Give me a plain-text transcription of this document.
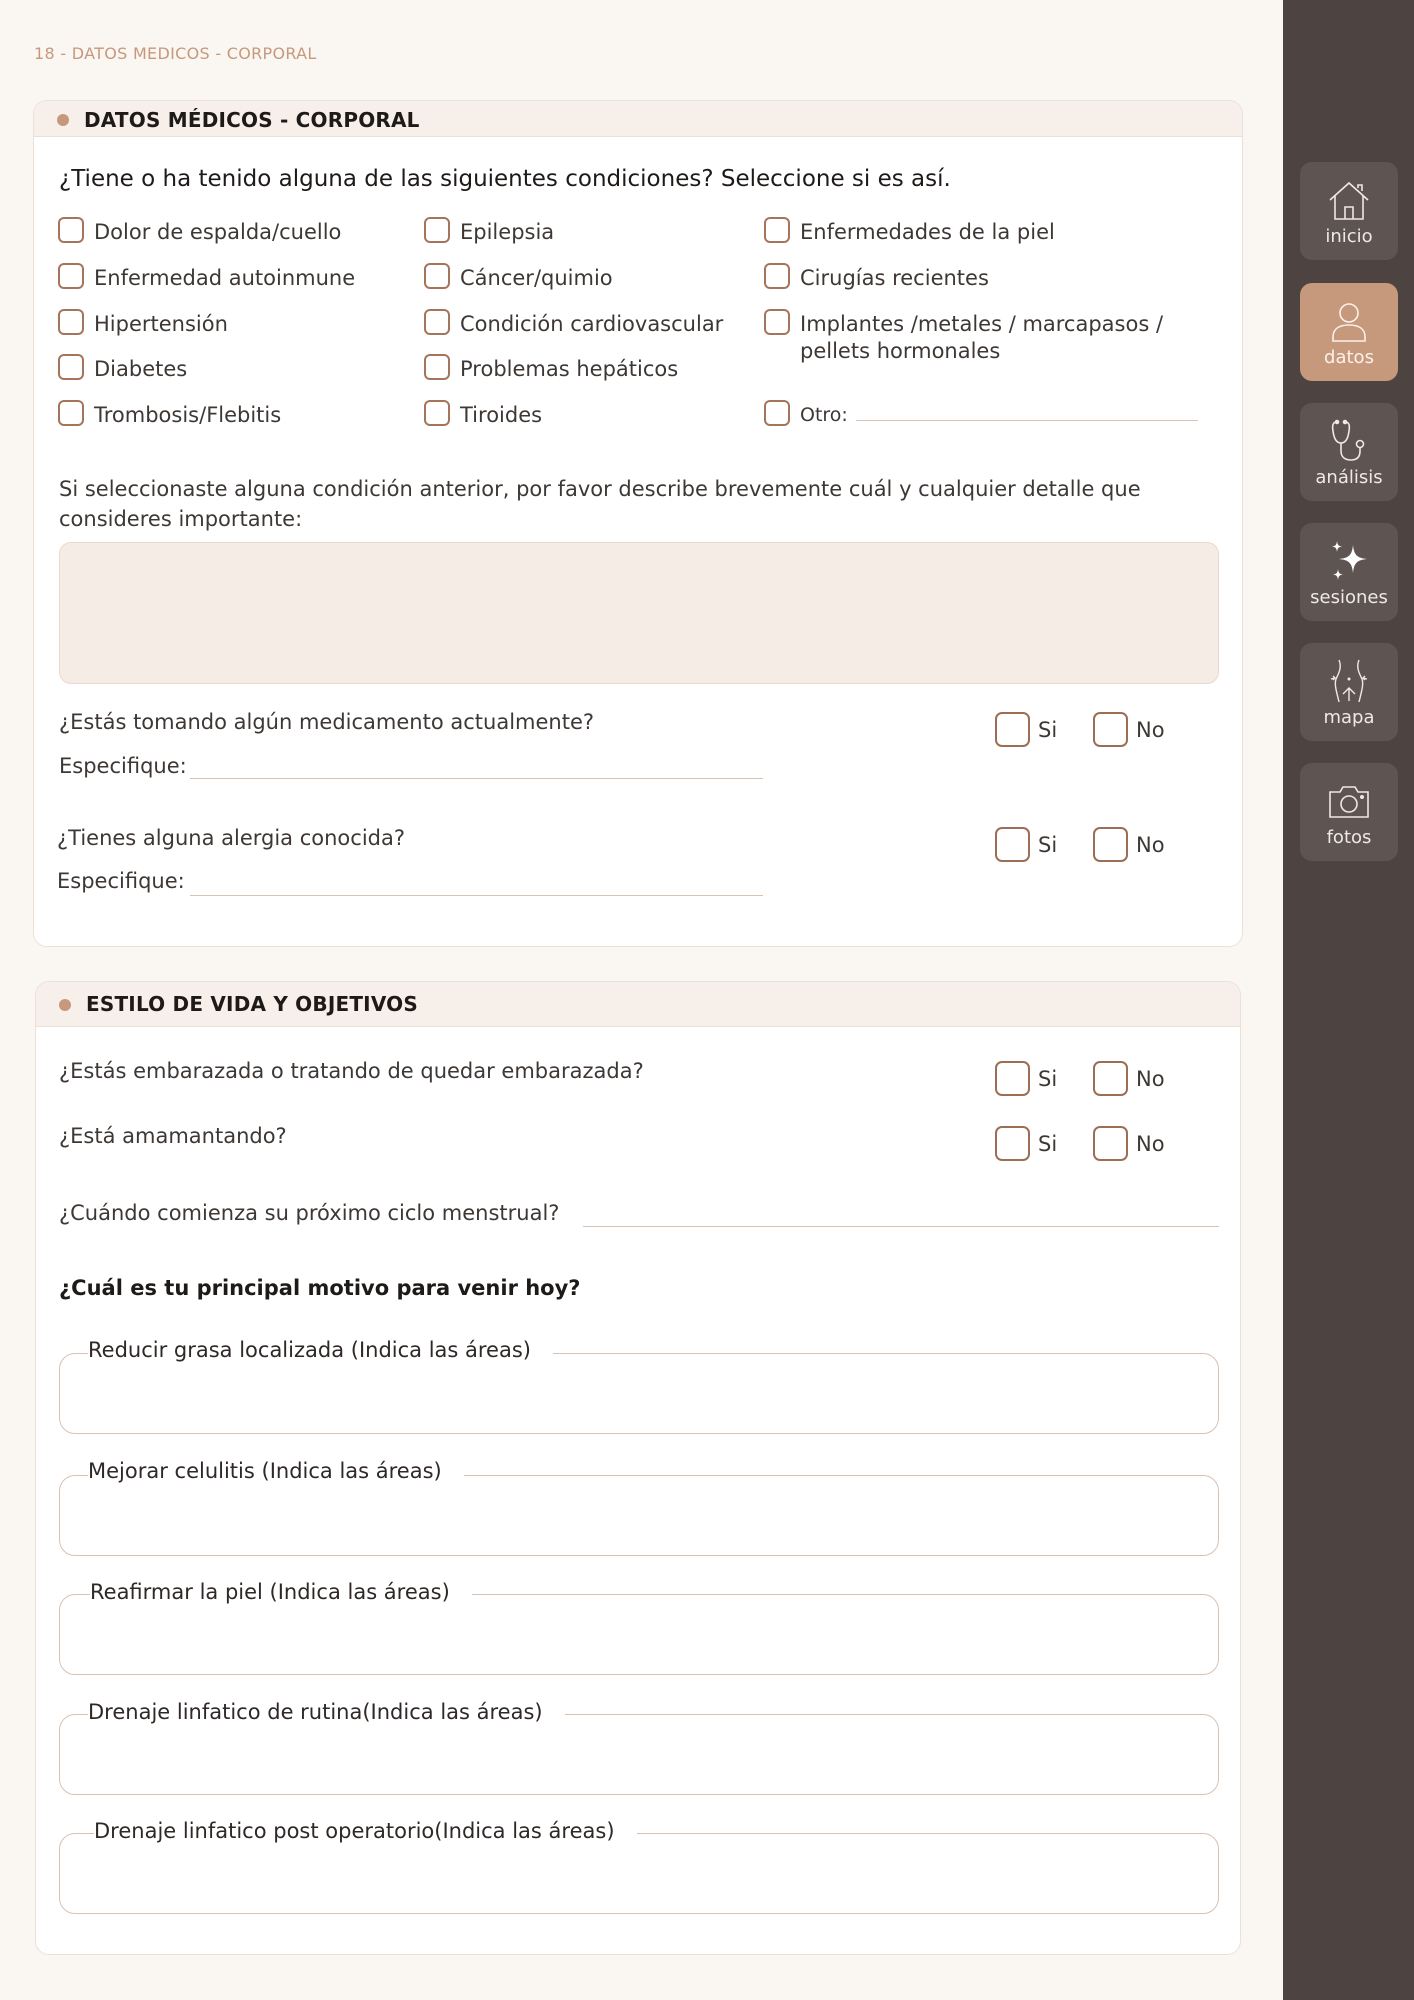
18 - DATOS MEDICOS - CORPORAL
DATOS MÉDICOS - CORPORAL
¿Tiene o ha tenido alguna de las siguientes condiciones? Seleccione si es así.
Dolor de espalda/cuello
Enfermedad autoinmune
Hipertensión
Diabetes
Trombosis/Flebitis
Epilepsia
Cáncer/quimio
Condición cardiovascular
Problemas hepáticos
Tiroides
Enfermedades de la piel
Cirugías recientes
Implantes /metales / marcapasos /
pellets hormonales
Otro:
Si seleccionaste alguna condición anterior, por favor describe brevemente cuál y cualquier detalle que consideres importante:
¿Estás tomando algún medicamento actualmente?	Si	No
Especifique:
¿Tienes alguna alergia conocida?	Si	No
Especifique:
ESTILO DE VIDA Y OBJETIVOS
¿Estás embarazada o tratando de quedar embarazada?	Si	No
¿Está amamantando?	Si	No
¿Cuándo comienza su próximo ciclo menstrual?
¿Cuál es tu principal motivo para venir hoy?
Reducir grasa localizada (Indica las áreas)
Mejorar celulitis (Indica las áreas)
Reafirmar la piel (Indica las áreas)
Drenaje linfatico de rutina(Indica las áreas)
Drenaje linfatico post operatorio(Indica las áreas)
inicio
datos
análisis
sesiones
mapa
fotos
